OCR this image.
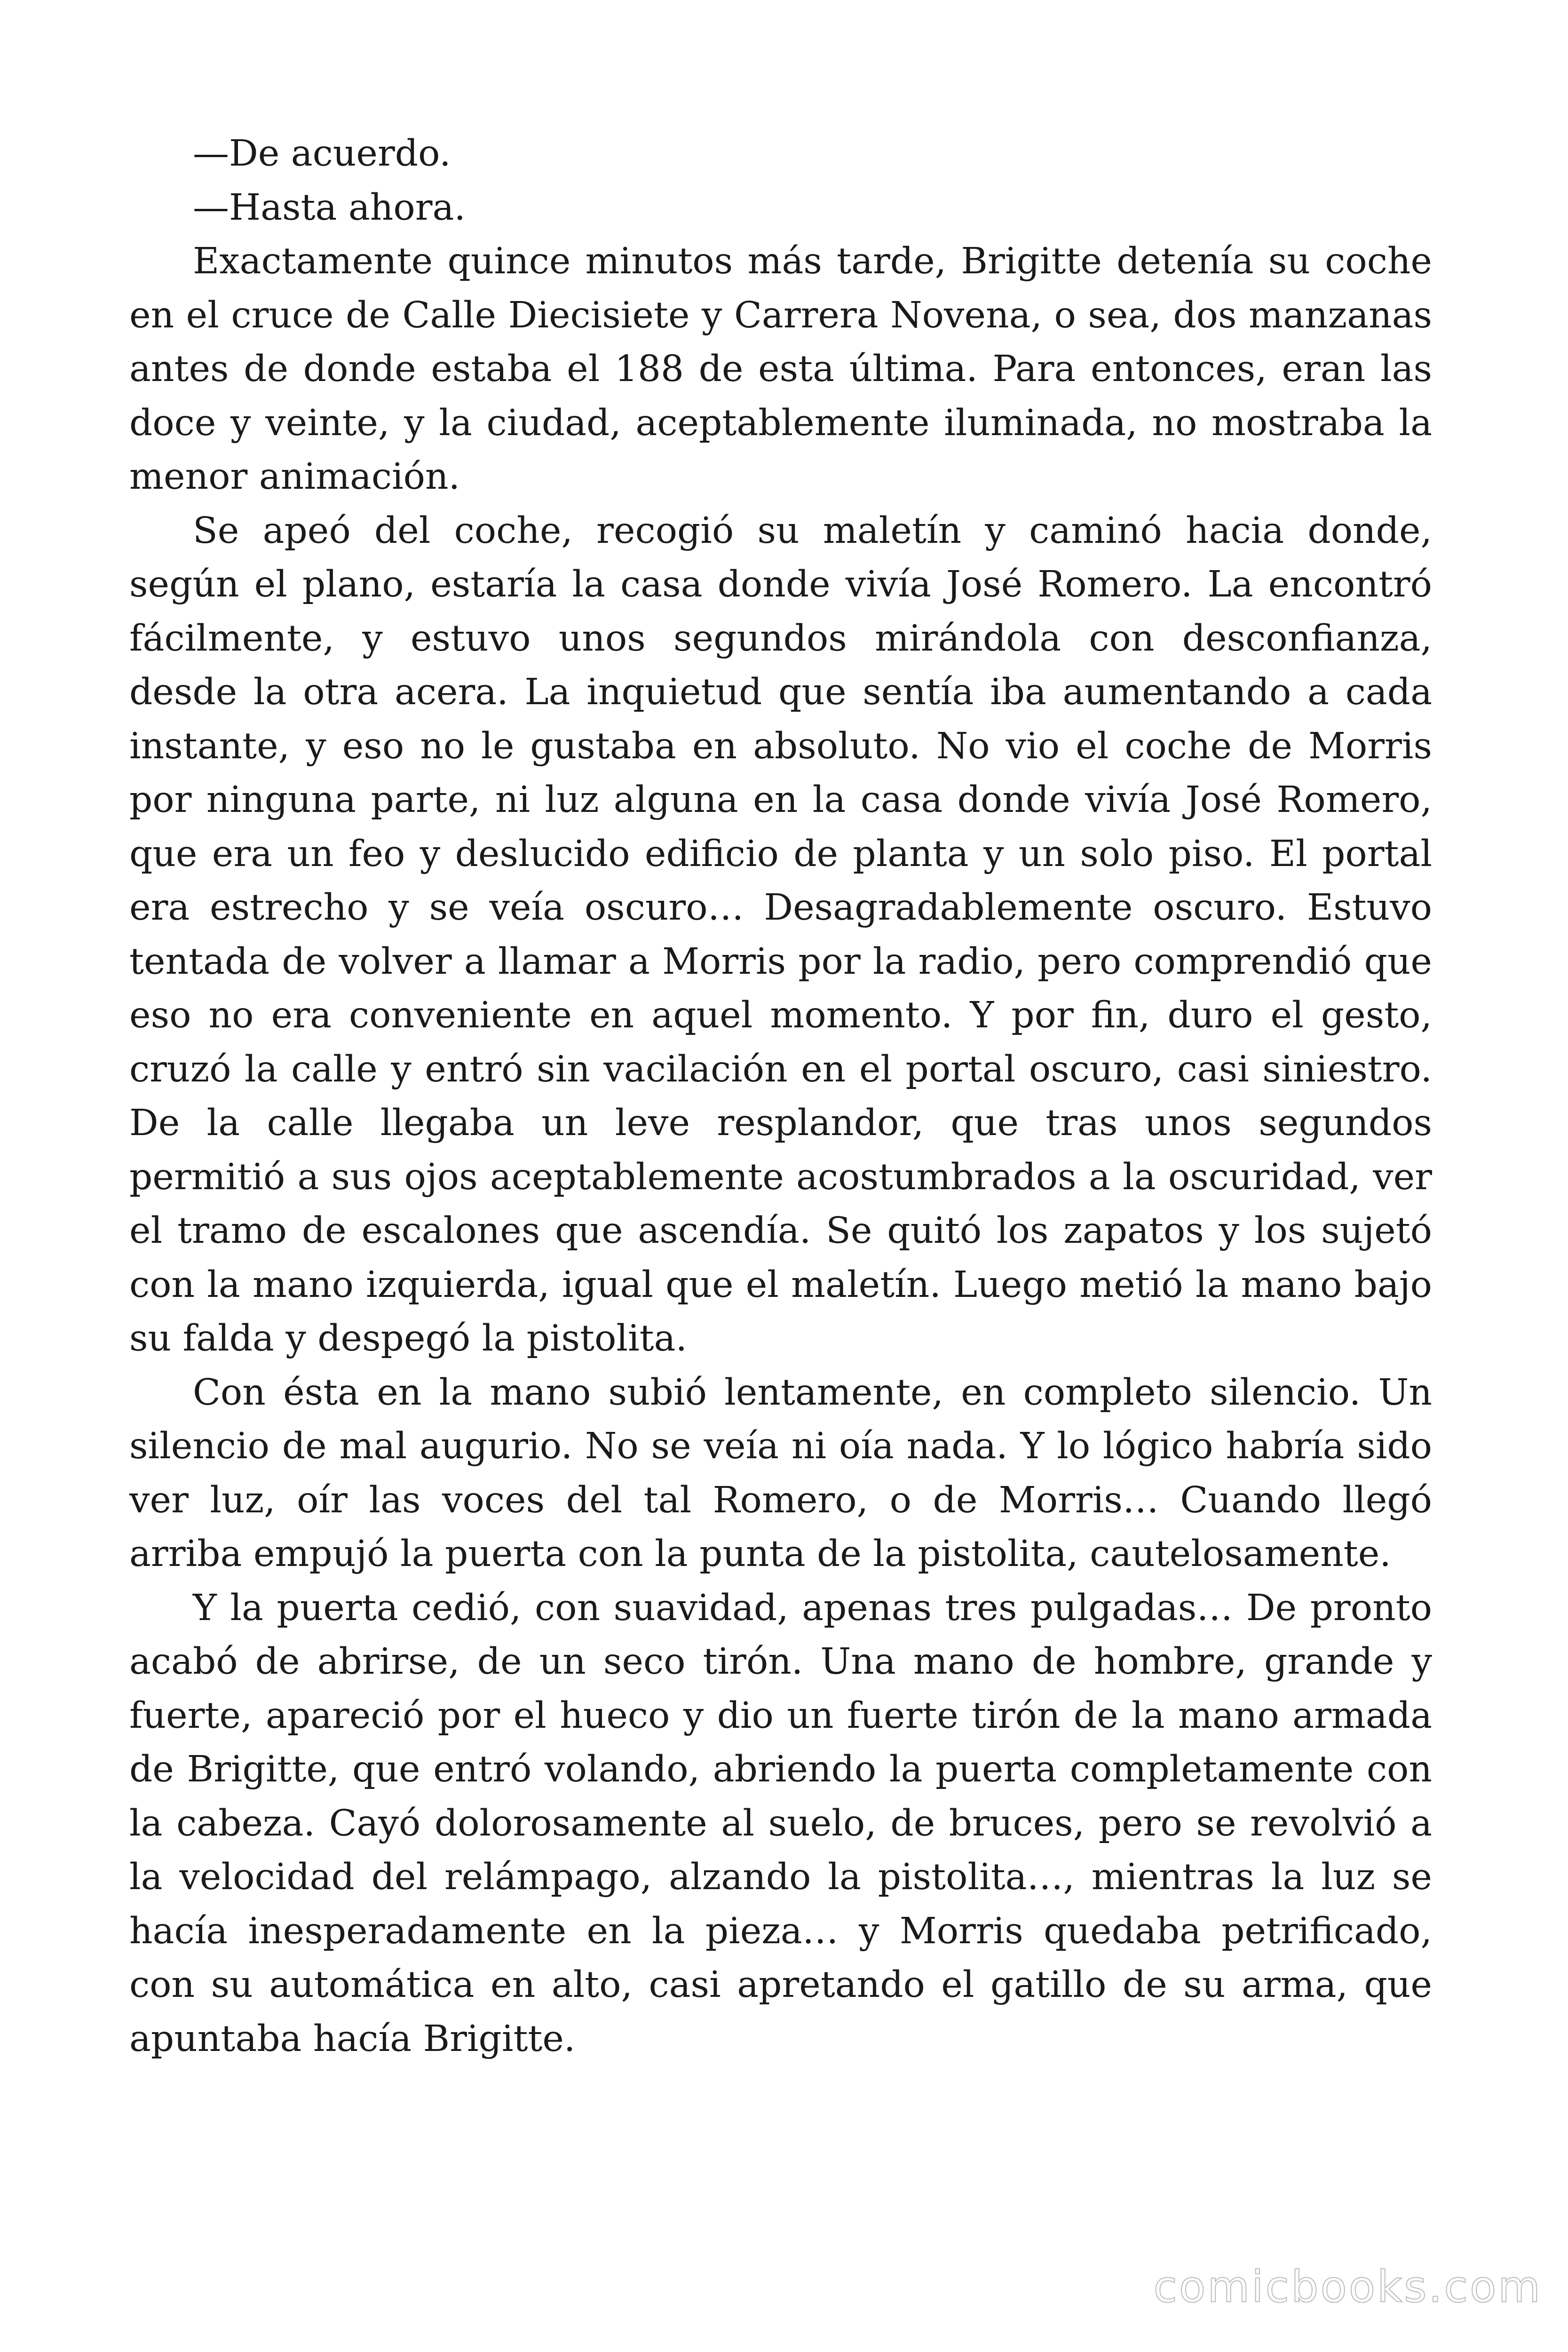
—De acuerdo.

—Hasta ahora.

Exactamente quince minutos más tarde, Brigitte detenía su coche en el cruce de Calle Diecisiete y Carrera Novena, o sea, dos manzanas antes de donde estaba el 188 de esta última. Para entonces, eran las doce y veinte, y la ciudad, aceptablemente iluminada, no mostraba la menor animación.

Se apeó del coche, recogió su maletín y caminó hacia donde, según el plano, estaría la casa donde vivía José Romero. La encontró fácilmente, y estuvo unos segundos mirándola con desconfianza, desde la otra acera. La inquietud que sentía iba aumentando a cada instante, y eso no le gustaba en absoluto. No vio el coche de Morris por ninguna parte, ni luz alguna en la casa donde vivía José Romero, que era un feo y deslucido edificio de planta y un solo piso. El portal era estrecho y se veía oscuro… Desagradablemente oscuro. Estuvo tentada de volver a llamar a Morris por la radio, pero comprendió que eso no era conveniente en aquel momento. Y por fin, duro el gesto, cruzó la calle y entró sin vacilación en el portal oscuro, casi siniestro. De la calle llegaba un leve resplandor, que tras unos segundos permitió a sus ojos aceptablemente acostumbrados a la oscuridad, ver el tramo de escalones que ascendía. Se quitó los zapatos y los sujetó con la mano izquierda, igual que el maletín. Luego metió la mano bajo su falda y despegó la pistolita.

Con ésta en la mano subió lentamente, en completo silencio. Un silencio de mal augurio. No se veía ni oía nada. Y lo lógico habría sido ver luz, oír las voces del tal Romero, o de Morris… Cuando llegó arriba empujó la puerta con la punta de la pistolita, cautelosamente.

Y la puerta cedió, con suavidad, apenas tres pulgadas… De pronto acabó de abrirse, de un seco tirón. Una mano de hombre, grande y fuerte, apareció por el hueco y dio un fuerte tirón de la mano armada de Brigitte, que entró volando, abriendo la puerta completamente con la cabeza. Cayó dolorosamente al suelo, de bruces, pero se revolvió a la velocidad del relámpago, alzando la pistolita…, mientras la luz se hacía inesperadamente en la pieza… y Morris quedaba petrificado, con su automática en alto, casi apretando el gatillo de su arma, que apuntaba hacía Brigitte.

comicbooks.com
